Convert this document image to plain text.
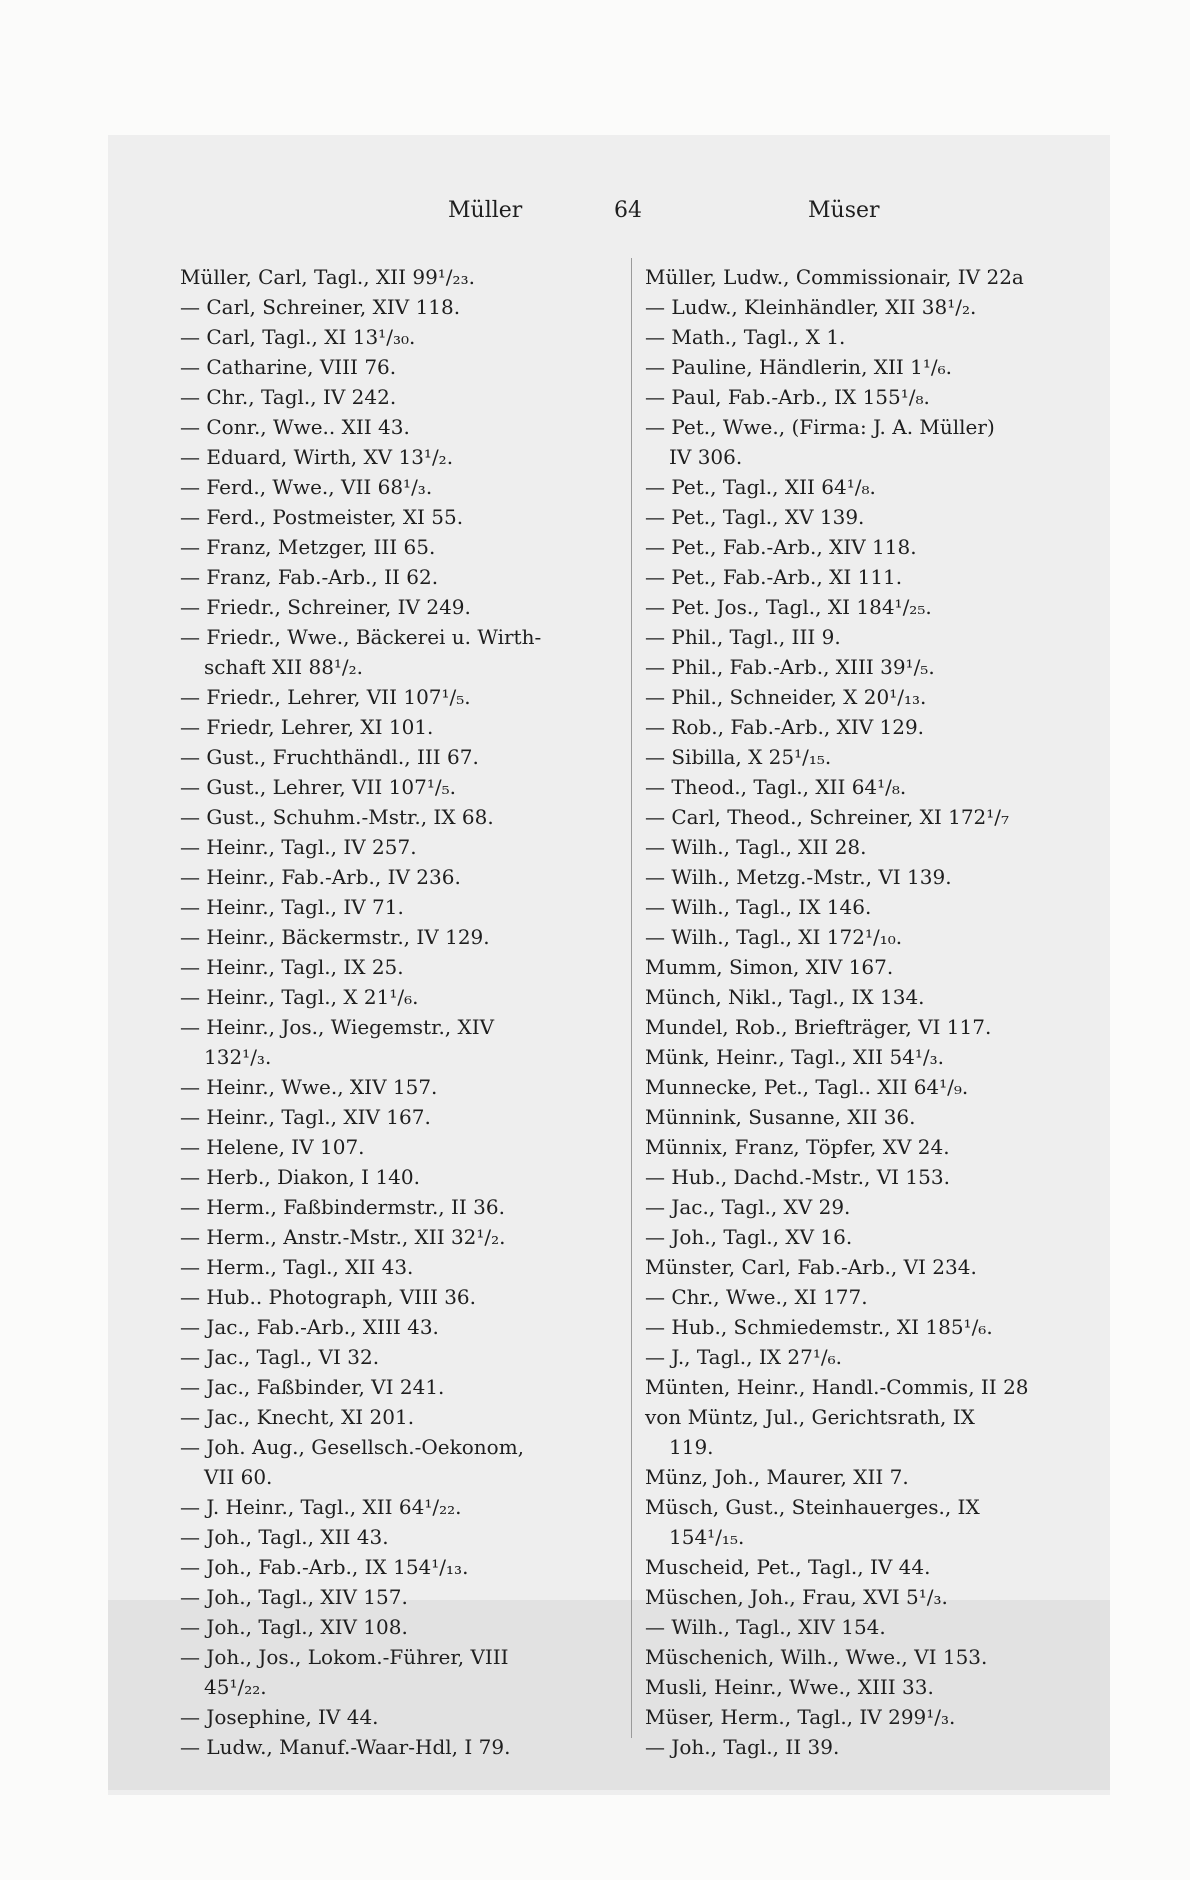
Müller	64	Müser
Müller, Carl, Tagl., XII 99¹/₂₃.
— Carl, Schreiner, XIV 118.
— Carl, Tagl., XI 13¹/₃₀.
— Catharine, VIII 76.
— Chr., Tagl., IV 242.
— Conr., Wwe.. XII 43.
— Eduard, Wirth, XV 13¹/₂.
— Ferd., Wwe., VII 68¹/₃.
— Ferd., Postmeister, XI 55.
— Franz, Metzger, III 65.
— Franz, Fab.-Arb., II 62.
— Friedr., Schreiner, IV 249.
— Friedr., Wwe., Bäckerei u. Wirth-
schaft XII 88¹/₂.
— Friedr., Lehrer, VII 107¹/₅.
— Friedr, Lehrer, XI 101.
— Gust., Fruchthändl., III 67.
— Gust., Lehrer, VII 107¹/₅.
— Gust., Schuhm.-Mstr., IX 68.
— Heinr., Tagl., IV 257.
— Heinr., Fab.-Arb., IV 236.
— Heinr., Tagl., IV 71.
— Heinr., Bäckermstr., IV 129.
— Heinr., Tagl., IX 25.
— Heinr., Tagl., X 21¹/₆.
— Heinr., Jos., Wiegemstr., XIV
132¹/₃.
— Heinr., Wwe., XIV 157.
— Heinr., Tagl., XIV 167.
— Helene, IV 107.
— Herb., Diakon, I 140.
— Herm., Faßbindermstr., II 36.
— Herm., Anstr.-Mstr., XII 32¹/₂.
— Herm., Tagl., XII 43.
— Hub.. Photograph, VIII 36.
— Jac., Fab.-Arb., XIII 43.
— Jac., Tagl., VI 32.
— Jac., Faßbinder, VI 241.
— Jac., Knecht, XI 201.
— Joh. Aug., Gesellsch.-Oekonom,
VII 60.
— J. Heinr., Tagl., XII 64¹/₂₂.
— Joh., Tagl., XII 43.
— Joh., Fab.-Arb., IX 154¹/₁₃.
— Joh., Tagl., XIV 157.
— Joh., Tagl., XIV 108.
— Joh., Jos., Lokom.-Führer, VIII
45¹/₂₂.
— Josephine, IV 44.
— Ludw., Manuf.-Waar-Hdl, I 79.
Müller, Ludw., Commissionair, IV 22a
— Ludw., Kleinhändler, XII 38¹/₂.
— Math., Tagl., X 1.
— Pauline, Händlerin, XII 1¹/₆.
— Paul, Fab.-Arb., IX 155¹/₈.
— Pet., Wwe., (Firma: J. A. Müller)
IV 306.
— Pet., Tagl., XII 64¹/₈.
— Pet., Tagl., XV 139.
— Pet., Fab.-Arb., XIV 118.
— Pet., Fab.-Arb., XI 111.
— Pet. Jos., Tagl., XI 184¹/₂₅.
— Phil., Tagl., III 9.
— Phil., Fab.-Arb., XIII 39¹/₅.
— Phil., Schneider, X 20¹/₁₃.
— Rob., Fab.-Arb., XIV 129.
— Sibilla, X 25¹/₁₅.
— Theod., Tagl., XII 64¹/₈.
— Carl, Theod., Schreiner, XI 172¹/₇
— Wilh., Tagl., XII 28.
— Wilh., Metzg.-Mstr., VI 139.
— Wilh., Tagl., IX 146.
— Wilh., Tagl., XI 172¹/₁₀.
Mumm, Simon, XIV 167.
Münch, Nikl., Tagl., IX 134.
Mundel, Rob., Briefträger, VI 117.
Münk, Heinr., Tagl., XII 54¹/₃.
Munnecke, Pet., Tagl.. XII 64¹/₉.
Münnink, Susanne, XII 36.
Münnix, Franz, Töpfer, XV 24.
— Hub., Dachd.-Mstr., VI 153.
— Jac., Tagl., XV 29.
— Joh., Tagl., XV 16.
Münster, Carl, Fab.-Arb., VI 234.
— Chr., Wwe., XI 177.
— Hub., Schmiedemstr., XI 185¹/₆.
— J., Tagl., IX 27¹/₆.
Münten, Heinr., Handl.-Commis, II 28
von Müntz, Jul., Gerichtsrath, IX
119.
Münz, Joh., Maurer, XII 7.
Müsch, Gust., Steinhauerges., IX
154¹/₁₅.
Muscheid, Pet., Tagl., IV 44.
Müschen, Joh., Frau, XVI 5¹/₃.
— Wilh., Tagl., XIV 154.
Müschenich, Wilh., Wwe., VI 153.
Musli, Heinr., Wwe., XIII 33.
Müser, Herm., Tagl., IV 299¹/₃.
— Joh., Tagl., II 39.
